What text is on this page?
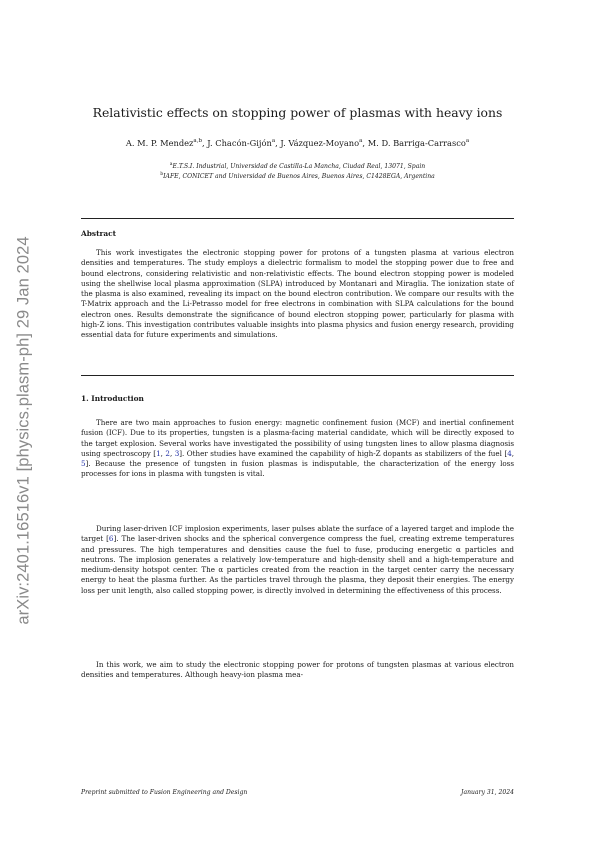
arXiv:2401.16516v1 [physics.plasm-ph] 29 Jan 2024
Relativistic effects on stopping power of plasmas with heavy ions

A. M. P. Mendez$^{a,b}$, J. Chacón-Gijón$^a$, J. Vázquez-Moyano$^a$, M. D. Barriga-Carrasco$^a$

$^a$E.T.S.I. Industrial, Universidad de Castilla-La Mancha, Ciudad Real, 13071, Spain

$^b$IAFE, CONICET and Universidad de Buenos Aires, Buenos Aires, C1428EGA, Argentina

Abstract

This work investigates the electronic stopping power for protons of a tungsten plasma at various electron densities and temperatures. The study employs a dielectric formalism to model the stopping power due to free and bound electrons, considering relativistic and non-relativistic effects. The bound electron stopping power is modeled using the shellwise local plasma approximation (SLPA) introduced by Montanari and Miraglia. The ionization state of the plasma is also examined, revealing its impact on the bound electron contribution. We compare our results with the T-Matrix approach and the Li-Petrasso model for free electrons in combination with SLPA calculations for the bound electron ones. Results demonstrate the significance of bound electron stopping power, particularly for plasma with high-Z ions. This investigation contributes valuable insights into plasma physics and fusion energy research, providing essential data for future experiments and simulations.

1. Introduction

There are two main approaches to fusion energy: magnetic confinement fusion (MCF) and inertial confinement fusion (ICF). Due to its properties, tungsten is a plasma-facing material candidate, which will be directly exposed to the target explosion. Several works have investigated the possibility of using tungsten lines to allow plasma diagnosis using spectroscopy [1, 2, 3]. Other studies have examined the capability of high-Z dopants as stabilizers of the fuel [4, 5]. Because the presence of tungsten in fusion plasmas is indisputable, the characterization of the energy loss processes for ions in plasma with tungsten is vital.

During laser-driven ICF implosion experiments, laser pulses ablate the surface of a layered target and implode the target [6]. The laser-driven shocks and the spherical convergence compress the fuel, creating extreme temperatures and pressures. The high temperatures and densities cause the fuel to fuse, producing energetic α particles and neutrons. The implosion generates a relatively low-temperature and high-density shell and a high-temperature and medium-density hotspot center. The α particles created from the reaction in the target center carry the necessary energy to heat the plasma further. As the particles travel through the plasma, they deposit their energies. The energy loss per unit length, also called stopping power, is directly involved in determining the effectiveness of this process.

In this work, we aim to study the electronic stopping power for protons of tungsten plasmas at various electron densities and temperatures. Although heavy-ion plasma mea-

Preprint submitted to Fusion Engineering and Design	January 31, 2024
